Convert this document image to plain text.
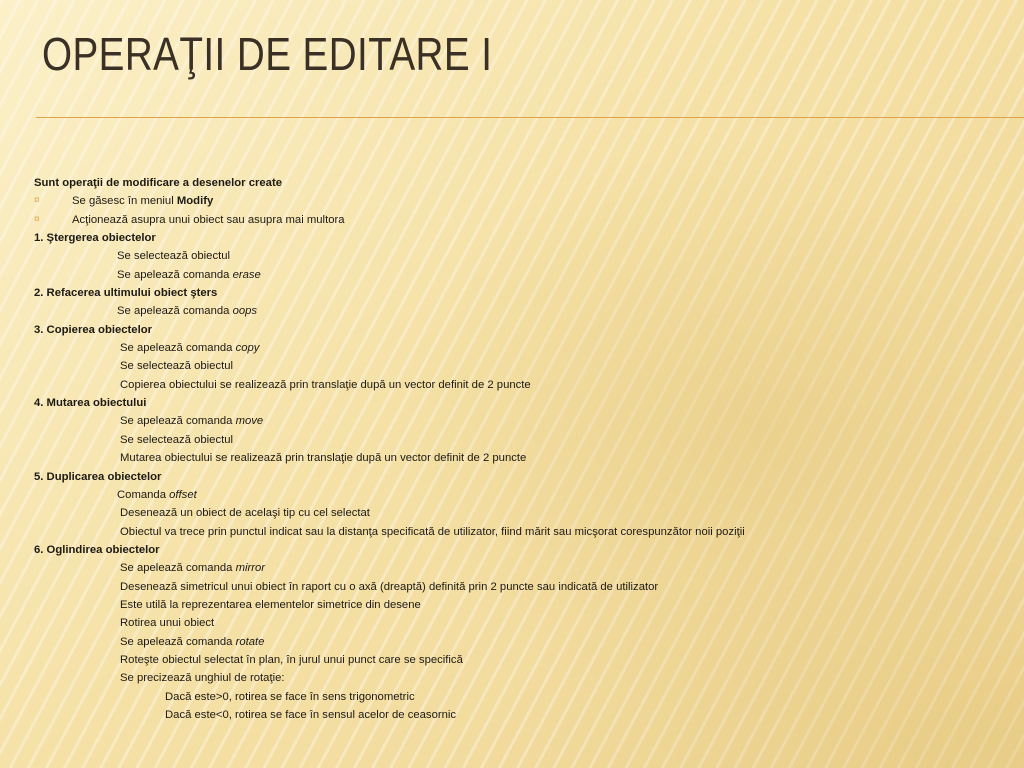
OPERAŢII DE EDITARE I
Sunt operaţii de modificare a desenelor create
¤	Se găsesc în meniul Modify
¤	Acţionează asupra unui obiect sau asupra mai multora
1. Ştergerea obiectelor
Se selectează obiectul
Se apelează comanda erase
2. Refacerea ultimului obiect şters
Se apelează comanda oops
3. Copierea obiectelor
Se apelează comanda copy
Se selectează obiectul
Copierea obiectului se realizează prin translaţie după un vector definit de 2 puncte
4. Mutarea obiectului
Se apelează comanda move
Se selectează obiectul
Mutarea obiectului se realizează prin translaţie după un vector definit de 2 puncte
5. Duplicarea obiectelor
Comanda offset
Desenează un obiect de acelaşi tip cu cel selectat
Obiectul va trece prin punctul indicat sau la distanţa specificată de utilizator, fiind mărit sau micşorat corespunzător noii poziţii
6. Oglindirea obiectelor
Se apelează comanda mirror
Desenează simetricul unui obiect în raport cu o axă (dreaptă) definită prin 2 puncte sau indicată de utilizator
Este utilă la reprezentarea elementelor simetrice din desene
Rotirea unui obiect
Se apelează comanda rotate
Roteşte obiectul selectat în plan, în jurul unui punct care se specifică
Se precizează unghiul de rotaţie:
Dacă este>0, rotirea se face în sens trigonometric
Dacă este<0, rotirea se face în sensul acelor de ceasornic
